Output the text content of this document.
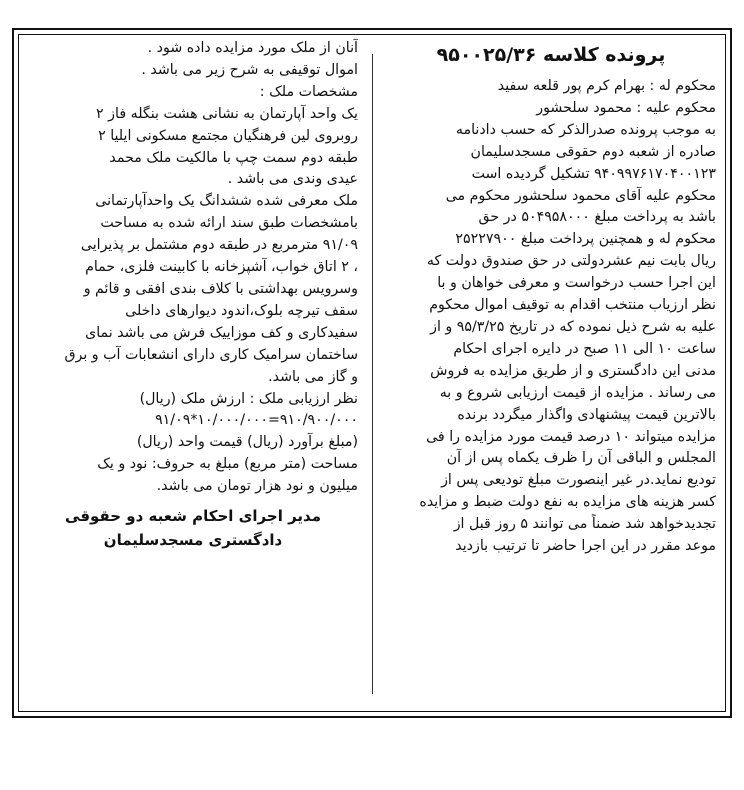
پرونده کلاسه ۹۵۰۰۲۵/۳۶
محکوم له : بهرام کرم پور قلعه سفید
محکوم علیه : محمود سلحشور
به موجب پرونده صدرالذکر که حسب دادنامه
صادره از شعبه دوم حقوقی مسجدسلیمان
۹۴۰۹۹۷۶۱۷۰۴۰۰۱۲۳ تشکیل گردیده است
محکوم علیه آقای محمود سلحشور محکوم می
باشد به پرداخت مبلغ ۵۰۴۹۵۸۰۰۰ در حق
محکوم له و همچنین پرداخت مبلغ ۲۵۲۲۷۹۰۰
ریال بابت نیم عشردولتی در حق صندوق دولت که
این اجرا حسب درخواست و معرفی خواهان و با
نظر ارزیاب منتخب اقدام به توقیف اموال محکوم
علیه به شرح ذیل نموده که در تاریخ ۹۵/۳/۲۵ و از
ساعت ۱۰ الی ۱۱ صبح در دایره اجرای احکام
مدنی این دادگستری و از طریق مزایده به فروش
می رساند . مزایده از قیمت ارزیابی شروع و به
بالاترین قیمت پیشنهادی واگذار میگردد برنده
مزایده میتواند ۱۰ درصد قیمت مورد مزایده را فی
المجلس و الباقی آن را ظرف یکماه پس از آن
تودیع نماید.در غیر اینصورت مبلغ تودیعی پس از
کسر هزینه های مزایده به نفع دولت ضبط و مزایده
تجدیدخواهد شد ضمناً می توانند ۵ روز قبل از
موعد مقرر در این اجرا حاضر تا ترتیب بازدید
آنان از ملک مورد مزایده داده شود .
اموال توقیفی به شرح زیر می باشد .
مشخصات ملک :
یک واحد آپارتمان به نشانی هشت بنگله فاز ۲
روبروی لین فرهنگیان مجتمع مسکونی ایلیا ۲
طبقه دوم سمت چپ با مالکیت ملک محمد
عیدی وندی می باشد .
ملک معرفی شده ششدانگ یک واحدآپارتمانی
بامشخصات طبق سند ارائه شده به مساحت
۹۱/۰۹ مترمربع در طبقه دوم مشتمل بر پذیرایی
، ۲ اتاق خواب، آشپزخانه با کابینت فلزی، حمام
وسرویس بهداشتی با کلاف بندی افقی و قائم و
سقف تیرچه بلوک،اندود دیوارهای داخلی
سفیدکاری و کف موزاییک فرش می باشد نمای
ساختمان سرامیک کاری دارای انشعابات آب و برق
و گاز می باشد.
نظر ارزیابی ملک : ارزش ملک (ریال)
۹۱۰/۹۰۰/۰۰۰=۱۰/۰۰۰/۰۰۰*۹۱/۰۹
(مبلغ برآورد (ریال) قیمت واحد (ریال)
مساحت (متر مربع) مبلغ به حروف: نود و یک
میلیون و نود هزار تومان می باشد.
مدیر اجرای احکام شعبه دو حقوقی
دادگستری مسجدسلیمان
